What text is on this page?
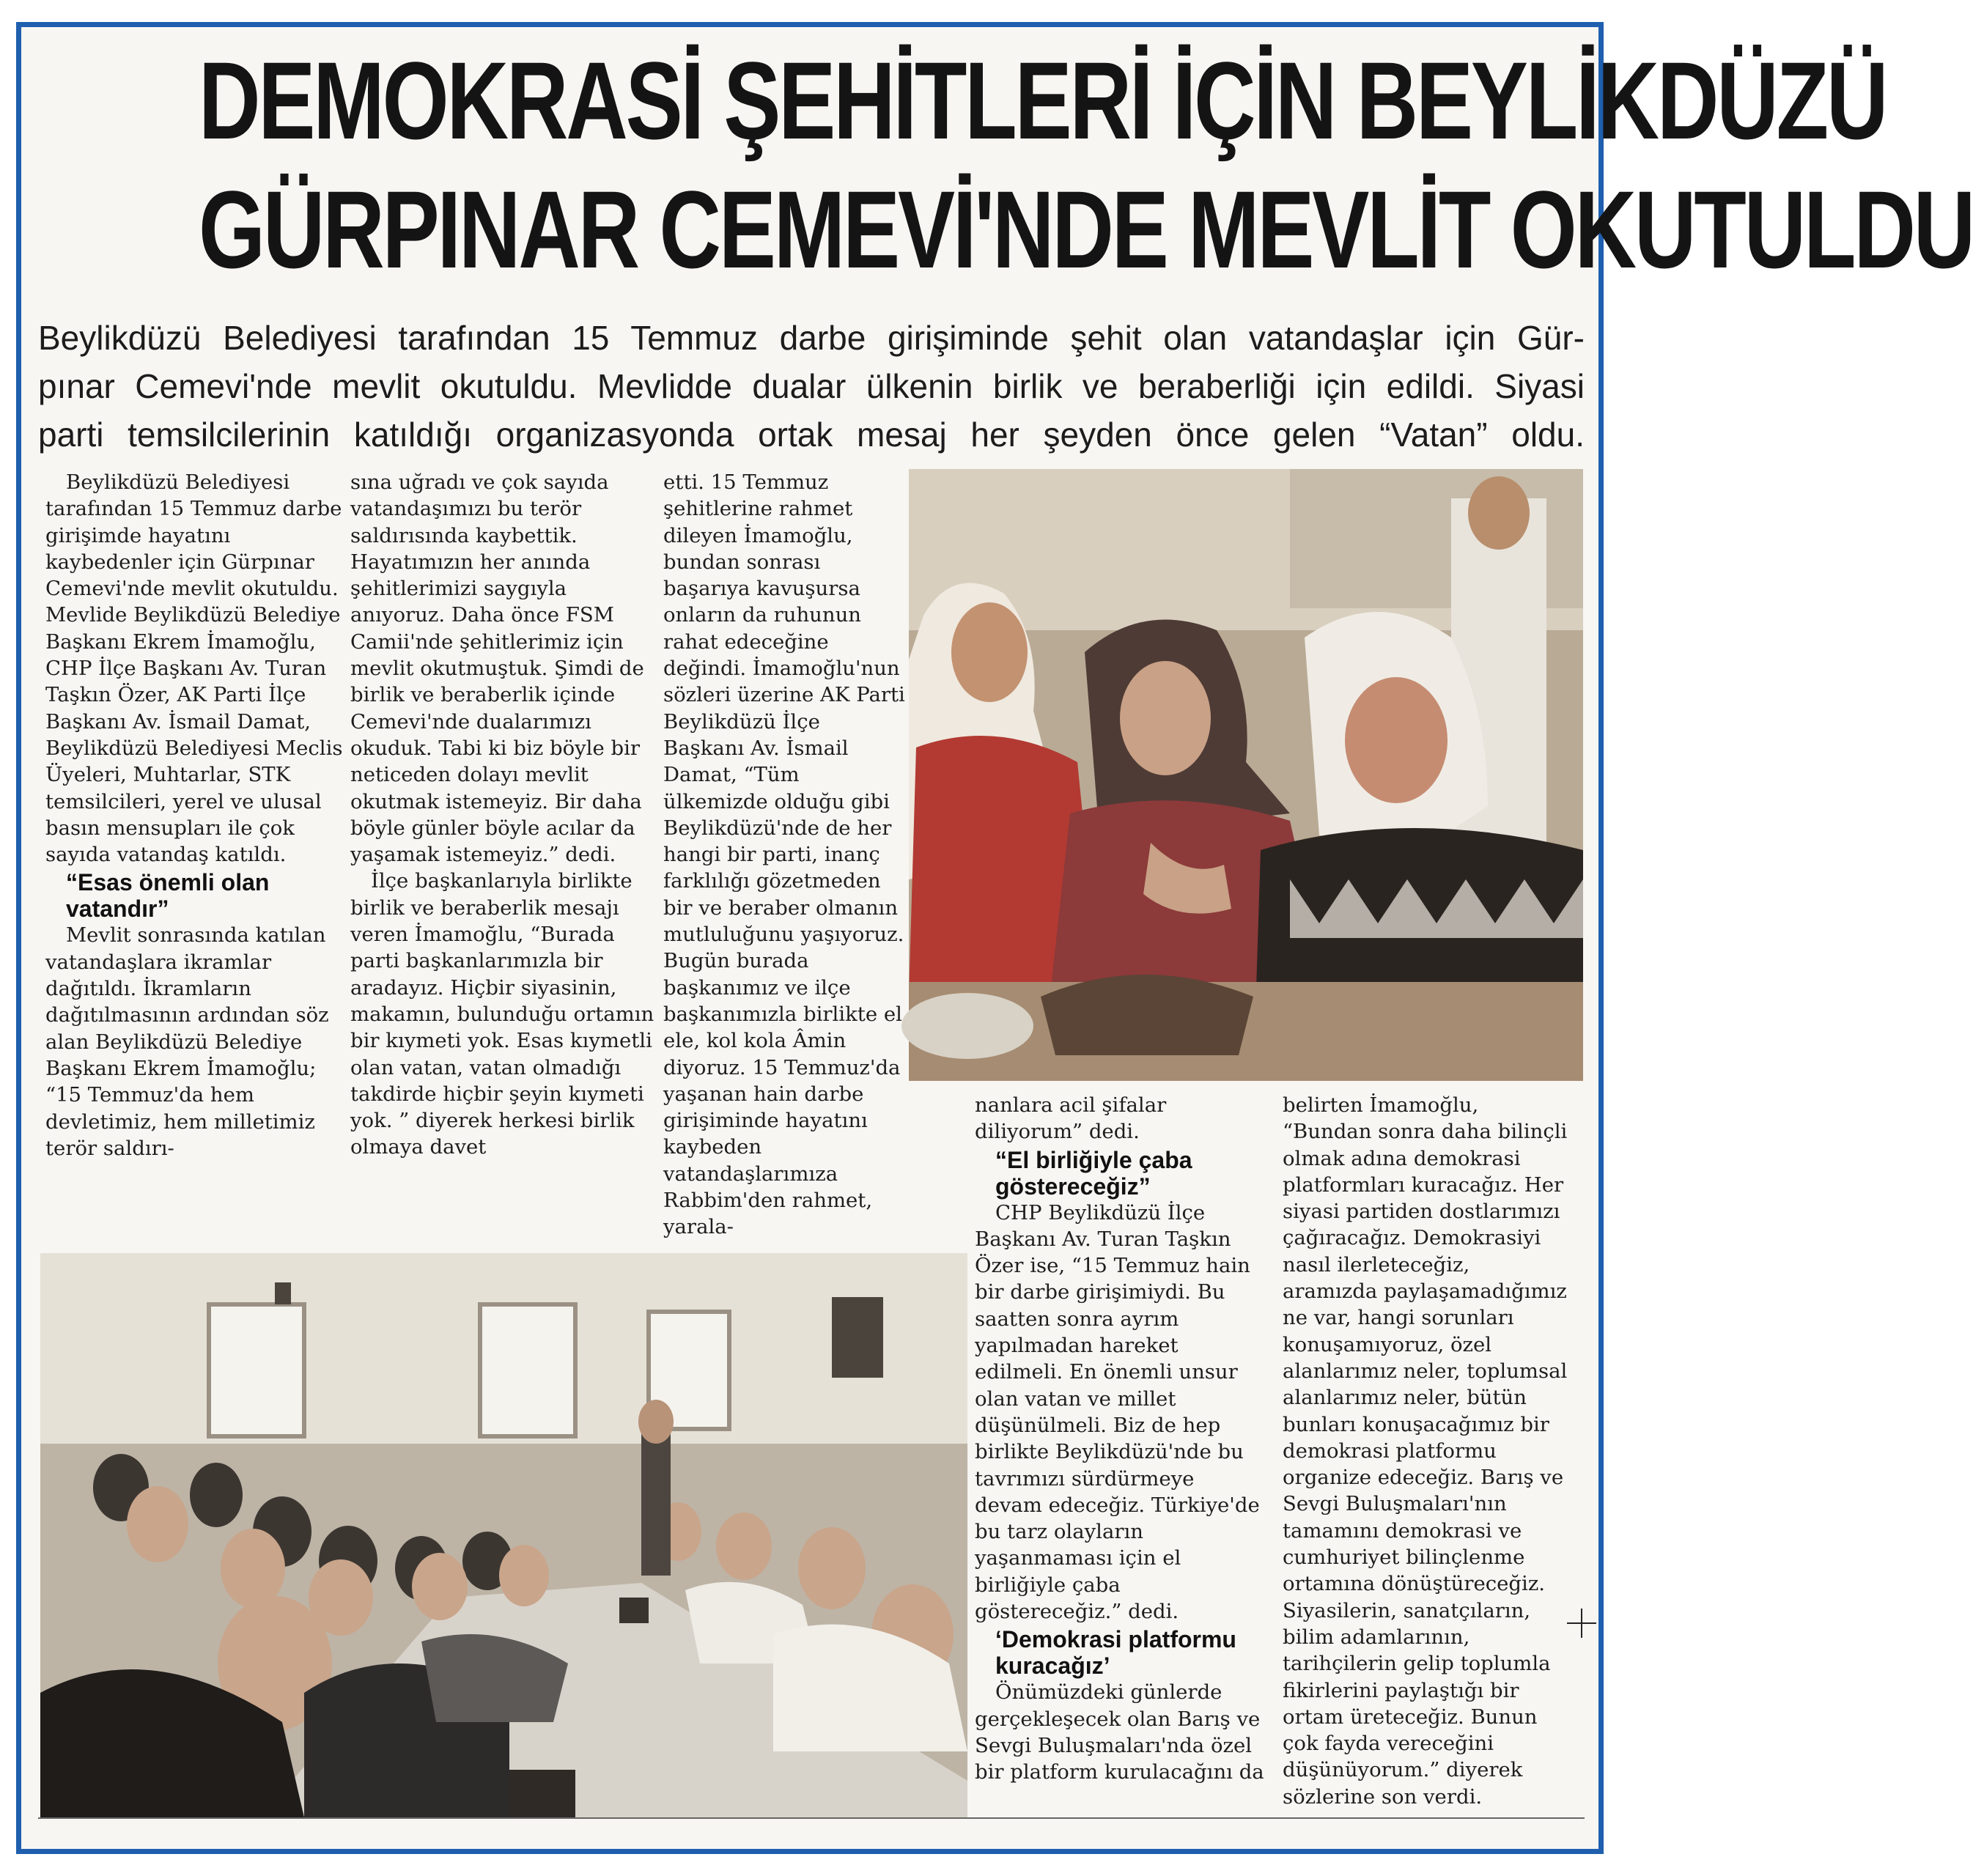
DEMOKRASİ ŞEHİTLERİ İÇİN BEYLİKDÜZÜ
GÜRPINAR CEMEVİ'NDE MEVLİT OKUTULDU

Beylikdüzü Belediyesi tarafından 15 Temmuz darbe girişiminde şehit olan vatandaşlar için Gür-

pınar Cemevi'nde mevlit okutuldu. Mevlidde dualar ülkenin birlik ve beraberliği için edildi. Siyasi

parti temsilcilerinin katıldığı organizasyonda ortak mesaj her şeyden önce gelen “Vatan” oldu.

Beylikdüzü Belediyesi tarafından 15 Temmuz darbe girişimde hayatını kaybedenler için Gürpınar Cemevi'nde mevlit okutuldu. Mevlide Beylikdüzü Belediye Başkanı Ekrem İmamoğlu, CHP İlçe Başkanı Av. Turan Taşkın Özer, AK Parti İlçe Başkanı Av. İsmail Damat, Beylikdüzü Belediyesi Meclis Üyeleri, Muhtarlar, STK temsilcileri, yerel ve ulusal basın mensupları ile çok sayıda vatandaş katıldı.

“Esas önemli olan vatandır”

Mevlit sonrasında katılan vatandaşlara ikramlar dağıtıldı. İkramların dağıtılmasının ardından söz alan Beylikdüzü Belediye Başkanı Ekrem İmamoğlu; “15 Temmuz'da hem devletimiz, hem milletimiz terör saldırı-

sına uğradı ve çok sayıda vatandaşımızı bu terör saldırısında kaybettik. Hayatımızın her anında şehitlerimizi saygıyla anıyoruz. Daha önce FSM Camii'nde şehitlerimiz için mevlit okutmuştuk. Şimdi de birlik ve beraberlik içinde Cemevi'nde dualarımızı okuduk. Tabi ki biz böyle bir neticeden dolayı mevlit okutmak istemeyiz. Bir daha böyle günler böyle acılar da yaşamak istemeyiz.” dedi.

İlçe başkanlarıyla birlikte birlik ve beraberlik mesajı veren İmamoğlu, “Burada parti başkanlarımızla bir aradayız. Hiçbir siyasinin, makamın, bulunduğu ortamın bir kıymeti yok. Esas kıymetli olan vatan, vatan olmadığı takdirde hiçbir şeyin kıymeti yok. ” diyerek herkesi birlik olmaya davet

etti. 15 Temmuz şehitlerine rahmet dileyen İmamoğlu, bundan sonrası başarıya kavuşursa onların da ruhunun rahat edeceğine değindi. İmamoğlu'nun sözleri üzerine AK Parti Beylikdüzü İlçe Başkanı Av. İsmail Damat, “Tüm ülkemizde olduğu gibi Beylikdüzü'nde de her hangi bir parti, inanç farklılığı gözetmeden bir ve beraber olmanın mutluluğunu yaşıyoruz. Bugün burada başkanımız ve ilçe başkanımızla birlikte el ele, kol kola Âmin diyoruz. 15 Temmuz'da yaşanan hain darbe girişiminde hayatını kaybeden vatandaşlarımıza Rabbim'den rahmet, yarala-

nanlara acil şifalar diliyorum” dedi.

“El birliğiyle çaba göstereceğiz”

CHP Beylikdüzü İlçe Başkanı Av. Turan Taşkın Özer ise, “15 Temmuz hain bir darbe girişimiydi. Bu saatten sonra ayrım yapılmadan hareket edilmeli. En önemli unsur olan vatan ve millet düşünülmeli. Biz de hep birlikte Beylikdüzü'nde bu tavrımızı sürdürmeye devam edeceğiz. Türkiye'de bu tarz olayların yaşanmaması için el birliğiyle çaba göstereceğiz.” dedi.

‘Demokrasi platformu kuracağız’

Önümüzdeki günlerde gerçekleşecek olan Barış ve Sevgi Buluşmaları'nda özel bir platform kurulacağını da

belirten İmamoğlu, “Bundan sonra daha bilinçli olmak adına demokrasi platformları kuracağız. Her siyasi partiden dostlarımızı çağıracağız. Demokrasiyi nasıl ilerleteceğiz, aramızda paylaşamadığımız ne var, hangi sorunları konuşamıyoruz, özel alanlarımız neler, toplumsal alanlarımız neler, bütün bunları konuşacağımız bir demokrasi platformu organize edeceğiz. Barış ve Sevgi Buluşmaları'nın tamamını demokrasi ve cumhuriyet bilinçlenme ortamına dönüştüreceğiz. Siyasilerin, sanatçıların, bilim adamlarının, tarihçilerin gelip toplumla fikirlerini paylaştığı bir ortam üreteceğiz. Bunun çok fayda vereceğini düşünüyorum.” diyerek sözlerine son verdi.
